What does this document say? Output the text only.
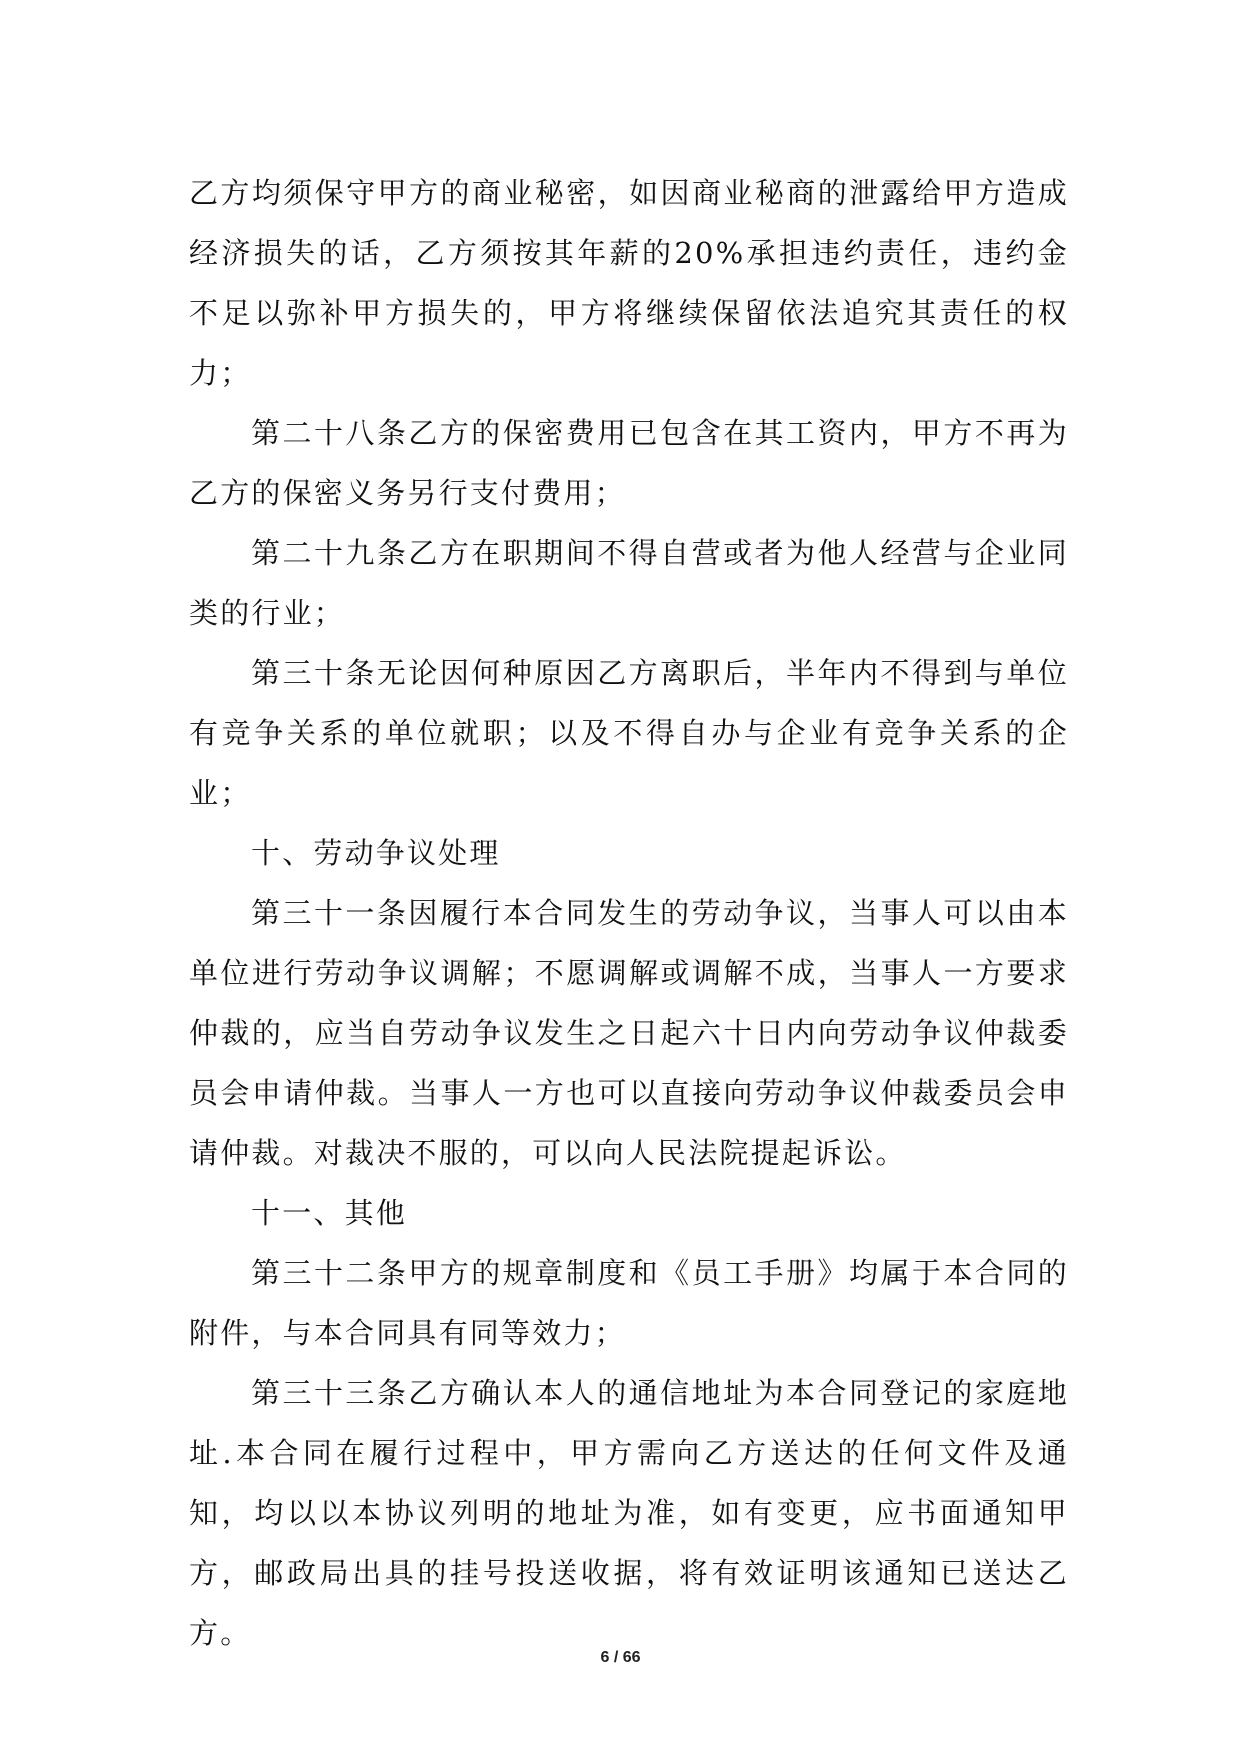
乙方均须保守甲方的商业秘密，如因商业秘商的泄露给甲方造成经济损失的话，乙方须按其年薪的20%承担违约责任，违约金不足以弥补甲方损失的，甲方将继续保留依法追究其责任的权力；

第二十八条乙方的保密费用已包含在其工资内，甲方不再为乙方的保密义务另行支付费用；

第二十九条乙方在职期间不得自营或者为他人经营与企业同类的行业；

第三十条无论因何种原因乙方离职后，半年内不得到与单位有竞争关系的单位就职；以及不得自办与企业有竞争关系的企业；

十、劳动争议处理

第三十一条因履行本合同发生的劳动争议，当事人可以由本单位进行劳动争议调解；不愿调解或调解不成，当事人一方要求仲裁的，应当自劳动争议发生之日起六十日内向劳动争议仲裁委员会申请仲裁。当事人一方也可以直接向劳动争议仲裁委员会申请仲裁。对裁决不服的，可以向人民法院提起诉讼。

十一、其他

第三十二条甲方的规章制度和《员工手册》均属于本合同的附件，与本合同具有同等效力；

第三十三条乙方确认本人的通信地址为本合同登记的家庭地址.本合同在履行过程中，甲方需向乙方送达的任何文件及通知，均以以本协议列明的地址为准，如有变更，应书面通知甲方，邮政局出具的挂号投送收据，将有效证明该通知已送达乙方。

6 / 66
